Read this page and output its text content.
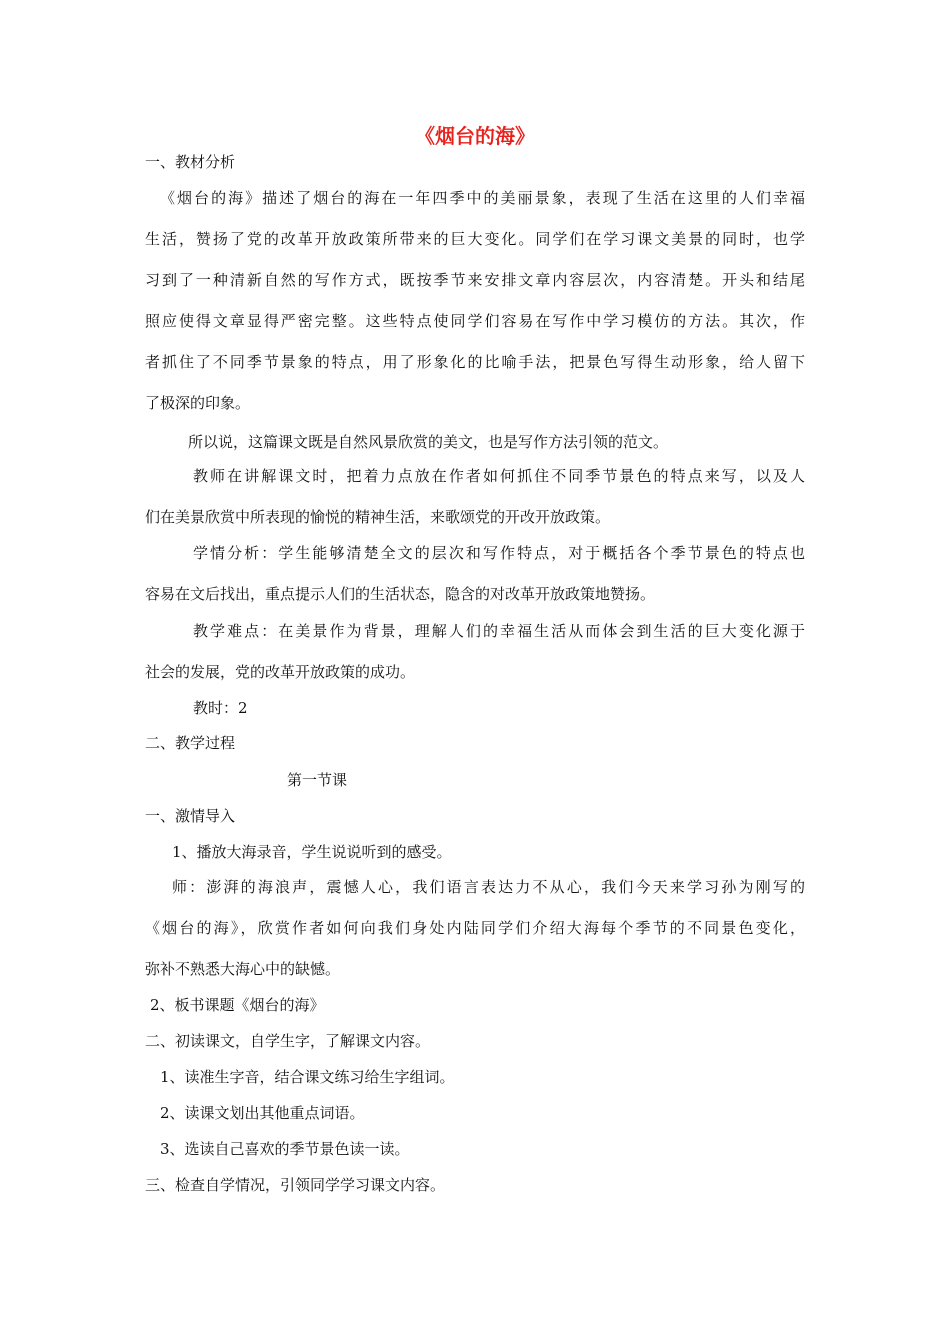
《烟台的海》
一、教材分析
《烟台的海》描述了烟台的海在一年四季中的美丽景象，表现了生活在这里的人们幸福
生活，赞扬了党的改革开放政策所带来的巨大变化。同学们在学习课文美景的同时，也学
习到了一种清新自然的写作方式，既按季节来安排文章内容层次，内容清楚。开头和结尾
照应使得文章显得严密完整。这些特点使同学们容易在写作中学习模仿的方法。其次，作
者抓住了不同季节景象的特点，用了形象化的比喻手法，把景色写得生动形象，给人留下
了极深的印象。
所以说，这篇课文既是自然风景欣赏的美文，也是写作方法引领的范文。
教师在讲解课文时，把着力点放在作者如何抓住不同季节景色的特点来写，以及人
们在美景欣赏中所表现的愉悦的精神生活，来歌颂党的开改开放政策。
学情分析：学生能够清楚全文的层次和写作特点，对于概括各个季节景色的特点也
容易在文后找出，重点提示人们的生活状态，隐含的对改革开放政策地赞扬。
教学难点：在美景作为背景，理解人们的幸福生活从而体会到生活的巨大变化源于
社会的发展，党的改革开放政策的成功。
教时：2
二、教学过程
第一节课
一、激情导入
1、播放大海录音，学生说说听到的感受。
师：澎湃的海浪声，震憾人心，我们语言表达力不从心，我们今天来学习孙为刚写的
《烟台的海》，欣赏作者如何向我们身处内陆同学们介绍大海每个季节的不同景色变化，
弥补不熟悉大海心中的缺憾。
2、板书课题《烟台的海》
二、初读课文，自学生字，了解课文内容。
1、读准生字音，结合课文练习给生字组词。
2、读课文划出其他重点词语。
3、选读自己喜欢的季节景色读一读。
三、检查自学情况，引领同学学习课文内容。
